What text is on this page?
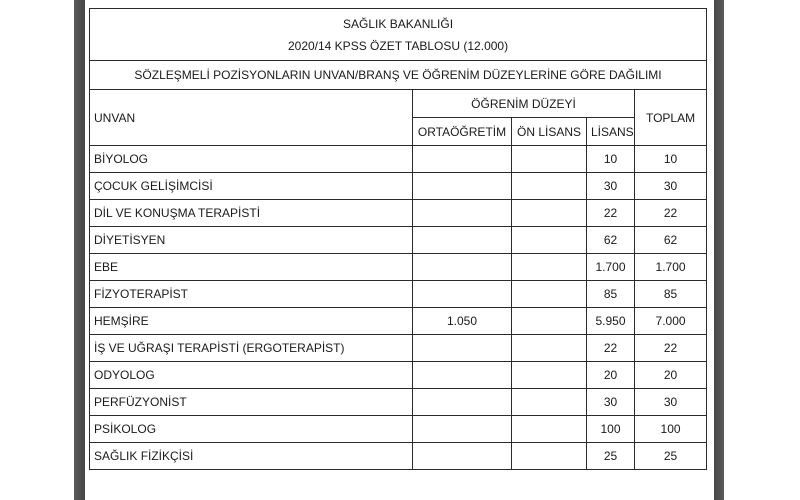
SAĞLIK BAKANLIĞI				
2020/14 KPSS ÖZET TABLOSU (12.000)				
SÖZLEŞMELİ POZİSYONLARIN UNVAN/BRANŞ VE ÖĞRENİM DÜZEYLERİNE GÖRE DAĞILIMI				
UNVAN	ÖĞRENİM DÜZEYİ			TOPLAM
	ORTAÖĞRETİM	ÖN LİSANS	LİSANS	
BİYOLOG			10	10
ÇOCUK GELİŞİMCİSİ			30	30
DİL VE KONUŞMA TERAPİSTİ			22	22
DİYETİSYEN			62	62
EBE			1.700	1.700
FİZYOTERAPİST			85	85
HEMŞİRE	1.050		5.950	7.000
İŞ VE UĞRAŞI TERAPİSTİ (ERGOTERAPİST)			22	22
ODYOLOG			20	20
PERFÜZYONİST			30	30
PSİKOLOG			100	100
SAĞLIK FİZİKÇİSİ			25	25
